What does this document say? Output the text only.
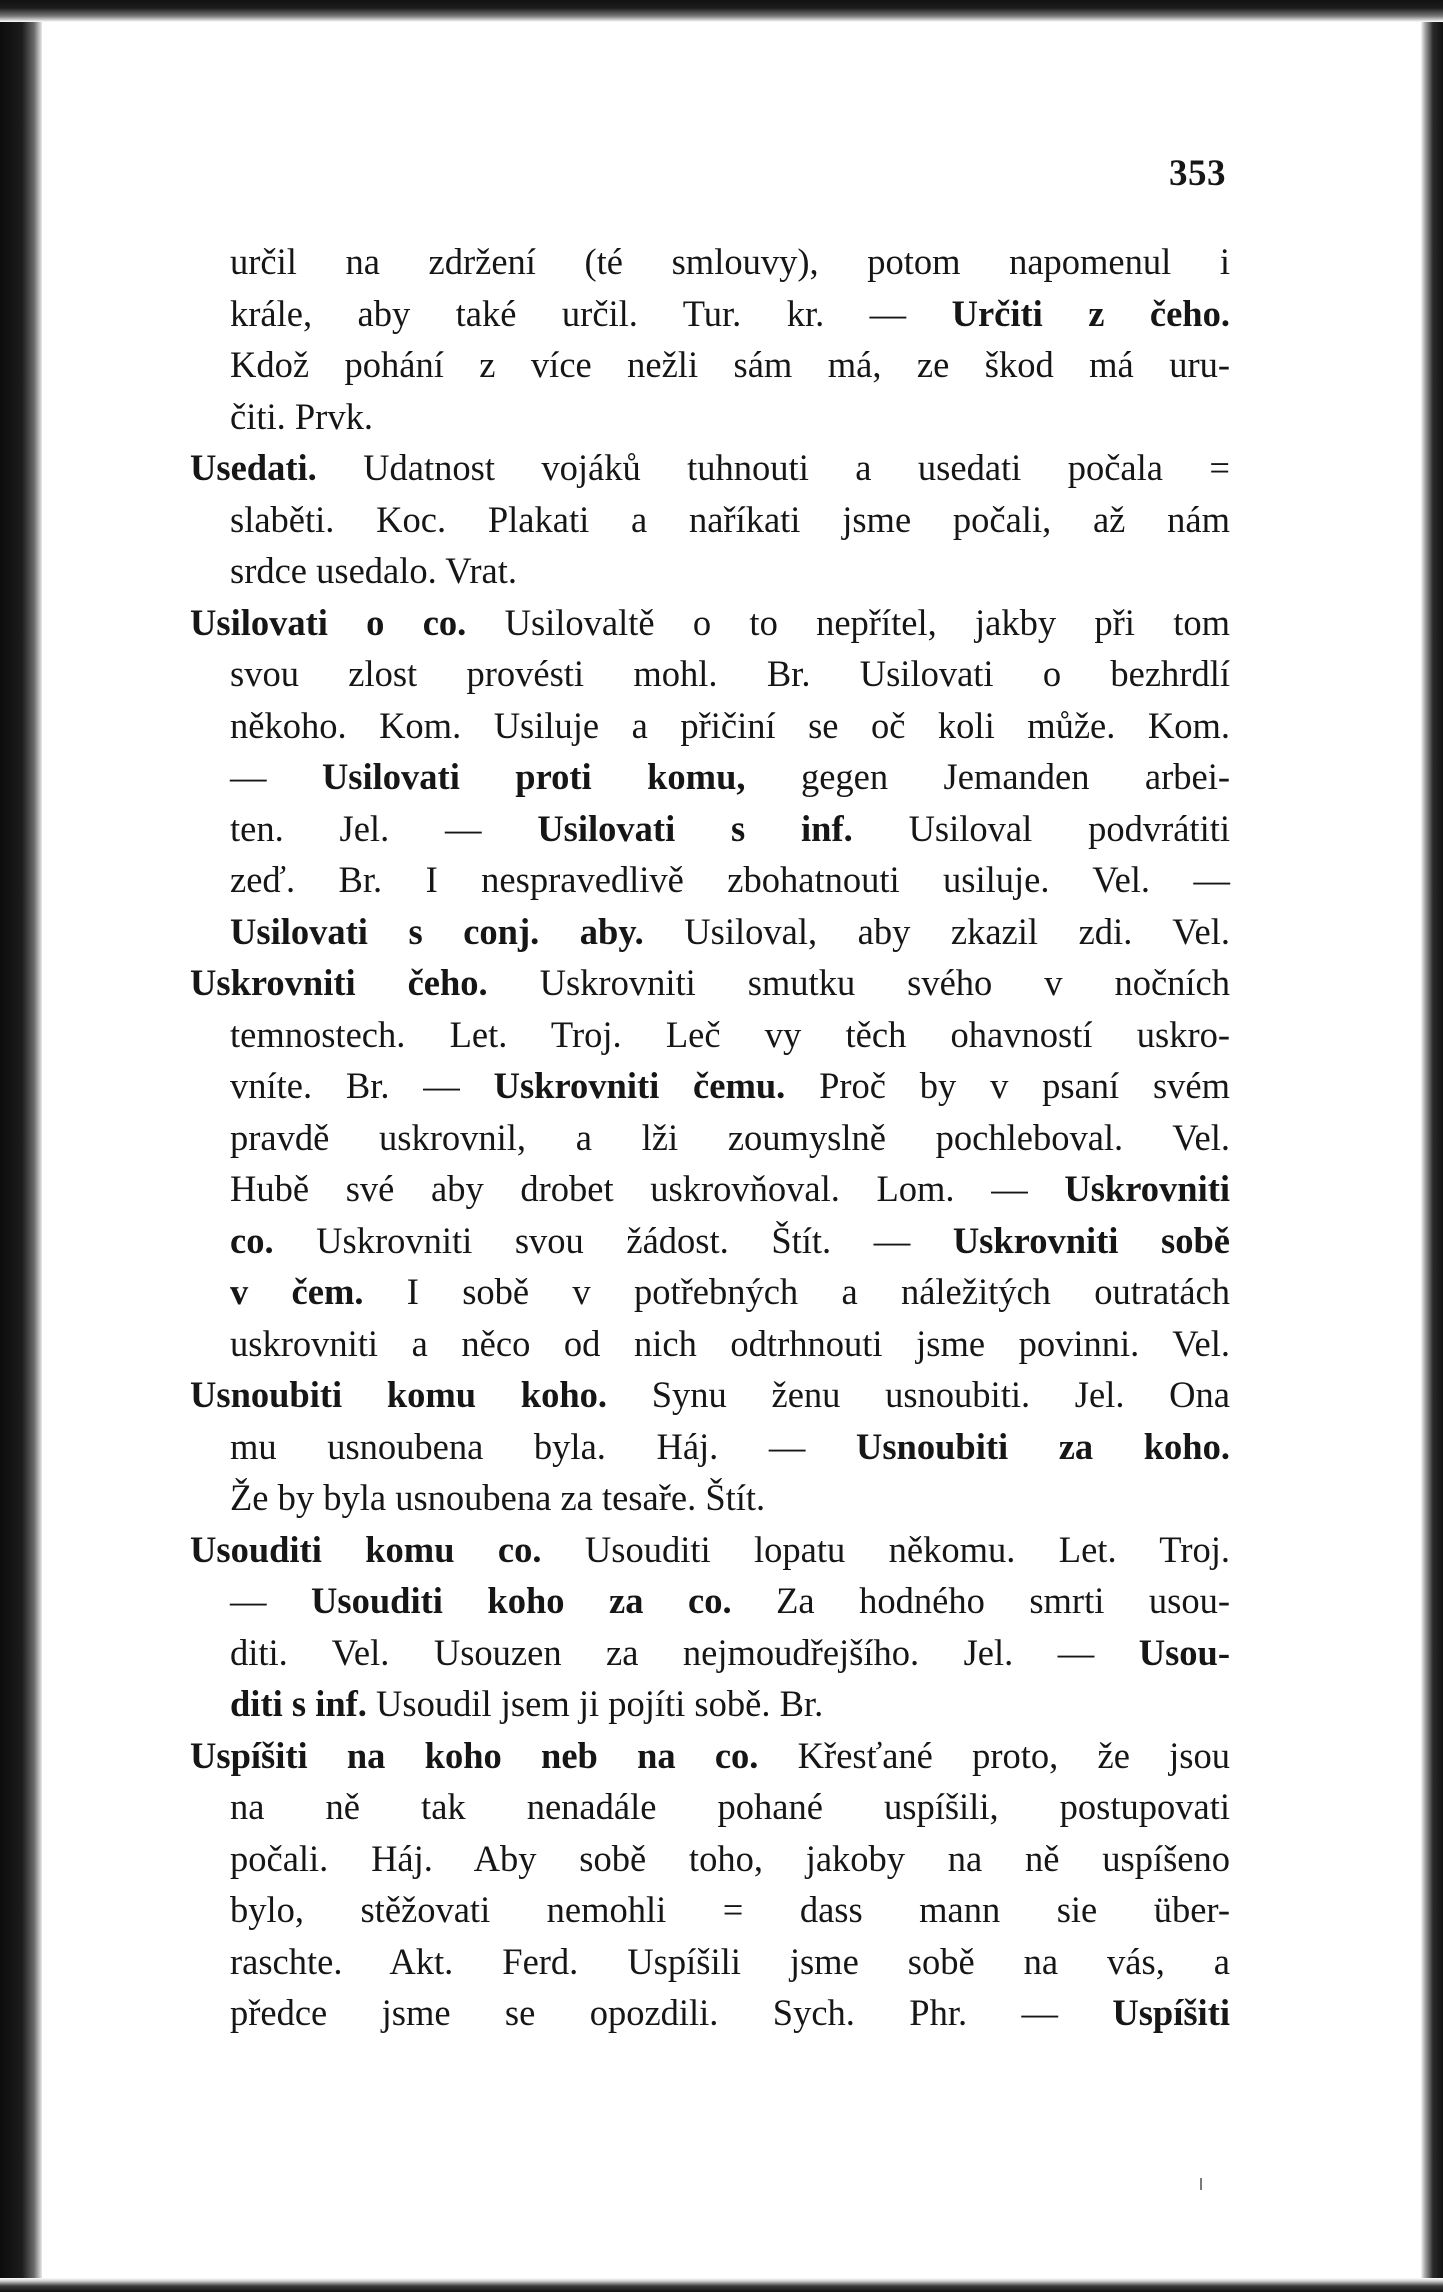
353
určil na zdržení (té smlouvy), potom napomenul i
krále, aby také určil. Tur. kr. — Určiti z čeho.
Kdož pohání z více nežli sám má, ze škod má uru-
čiti. Prvk.
Usedati. Udatnost vojáků tuhnouti a usedati počala =
slaběti. Koc. Plakati a naříkati jsme počali, až nám
srdce usedalo. Vrat.
Usilovati o co. Usilovaltě o to nepřítel, jakby při tom
svou zlost provésti mohl. Br. Usilovati o bezhrdlí
někoho. Kom. Usiluje a přičiní se oč koli může. Kom.
— Usilovati proti komu, gegen Jemanden arbei-
ten. Jel. — Usilovati s inf. Usiloval podvrátiti
zeď. Br. I nespravedlivě zbohatnouti usiluje. Vel. —
Usilovati s conj. aby. Usiloval, aby zkazil zdi. Vel.
Uskrovniti čeho. Uskrovniti smutku svého v nočních
temnostech. Let. Troj. Leč vy těch ohavností uskro-
vníte. Br. — Uskrovniti čemu. Proč by v psaní svém
pravdě uskrovnil, a lži zoumyslně pochleboval. Vel.
Hubě své aby drobet uskrovňoval. Lom. — Uskrovniti
co. Uskrovniti svou žádost. Štít. — Uskrovniti sobě
v čem. I sobě v potřebných a náležitých outratách
uskrovniti a něco od nich odtrhnouti jsme povinni. Vel.
Usnoubiti komu koho. Synu ženu usnoubiti. Jel. Ona
mu usnoubena byla. Háj. — Usnoubiti za koho.
Že by byla usnoubena za tesaře. Štít.
Usouditi komu co. Usouditi lopatu někomu. Let. Troj.
— Usouditi koho za co. Za hodného smrti usou-
diti. Vel. Usouzen za nejmoudřejšího. Jel. — Usou-
diti s inf. Usoudil jsem ji pojíti sobě. Br.
Uspíšiti na koho neb na co. Křesťané proto, že jsou
na ně tak nenadále pohané uspíšili, postupovati
počali. Háj. Aby sobě toho, jakoby na ně uspíšeno
bylo, stěžovati nemohli = dass mann sie über-
raschte. Akt. Ferd. Uspíšili jsme sobě na vás, a
předce jsme se opozdili. Sych. Phr. — Uspíšiti
